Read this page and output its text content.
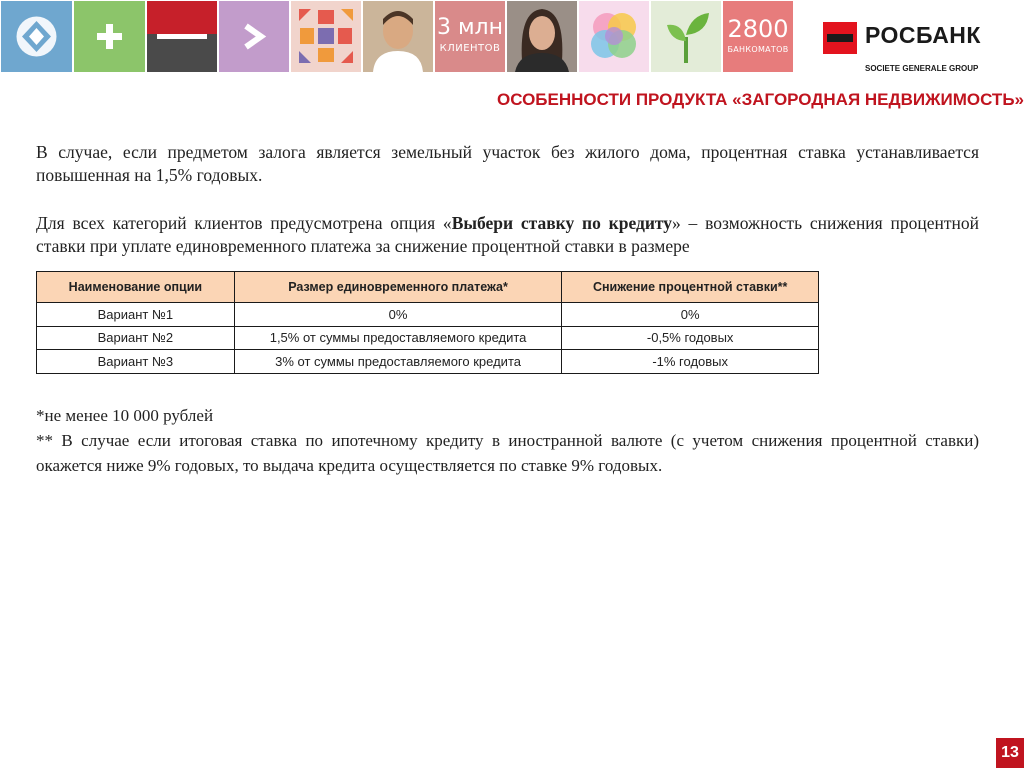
3 млн
КЛИЕНТОВ
2800
БАНКОМАТОВ
РОСБАНК
SOCIETE GENERALE GROUP
ОСОБЕННОСТИ ПРОДУКТА «ЗАГОРОДНАЯ НЕДВИЖИМОСТЬ»

В случае, если предметом залога является земельный участок без жилого дома, процентная ставка устанавливается повышенная на 1,5% годовых.

Для всех категорий клиентов предусмотрена опция «Выбери ставку по кредиту» – возможность снижения процентной ставки при уплате единовременного платежа за снижение процентной ставки в размере

Наименование опции	Размер единовременного платежа*	Снижение процентной ставки**
Вариант №1	0%	0%
Вариант №2	1,5% от суммы предоставляемого кредита	-0,5% годовых
Вариант №3	3% от суммы предоставляемого кредита	-1% годовых

*не менее 10 000 рублей

** В случае если итоговая ставка по ипотечному кредиту в иностранной валюте (с учетом снижения процентной ставки) окажется ниже 9% годовых, то выдача кредита осуществляется по ставке 9% годовых.

13
